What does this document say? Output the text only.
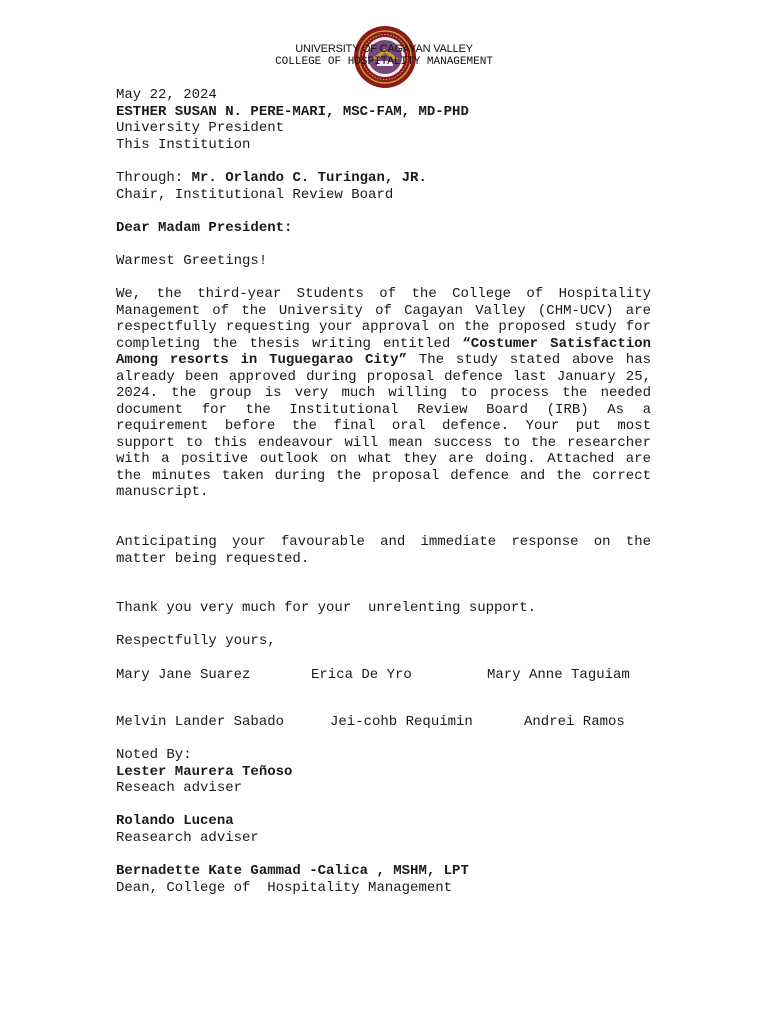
UNIVERSITY OF CAGAYAN VALLEY
COLLEGE OF HOSPITALITY MANAGEMENT
May 22, 2024
ESTHER SUSAN N. PERE-MARI, MSC-FAM, MD-PHD
University President
This Institution
Through: Mr. Orlando C. Turingan, JR.
Chair, Institutional Review Board
Dear Madam President:
Warmest Greetings!
We, the third-year Students of the College of Hospitality Management of the University of Cagayan Valley (CHM-UCV) are respectfully requesting your approval on the proposed study for completing the thesis writing entitled “Costumer Satisfaction Among resorts in Tuguegarao City” The study stated above has already been approved during proposal defence last January 25, 2024. the group is very much willing to process the needed document for the Institutional Review Board (IRB) As a requirement before the final oral defence. Your put most support to this endeavour will mean success to the researcher with a positive outlook on what they are doing. Attached are the minutes taken during the proposal defence and the correct manuscript.
Anticipating your favourable and immediate response on the matter being requested.
Thank you very much for your  unrelenting support.
Respectfully yours,
Mary Jane Suarez	Erica De Yro	Mary Anne Taguiam
Melvin Lander Sabado	Jei-cohb Requimin	Andrei Ramos
Noted By:
Lester Maurera Teñoso
Reseach adviser
Rolando Lucena
Reasearch adviser
Bernadette Kate Gammad -Calica , MSHM, LPT
Dean, College of  Hospitality Management
